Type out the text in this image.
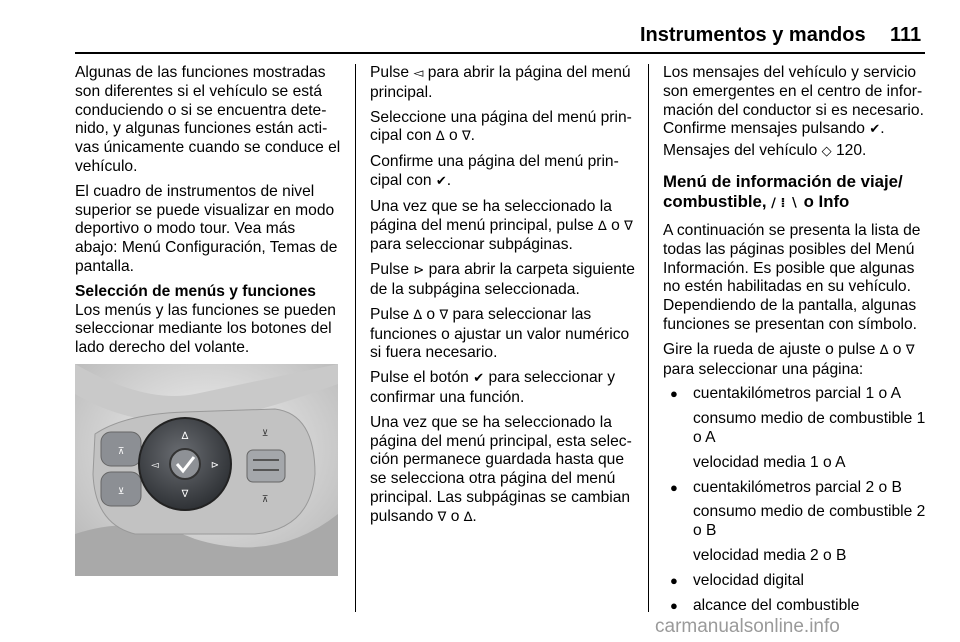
Instrumentos y mandos 111

Algunas de las funciones mostradas son diferentes si el vehículo se está conduciendo o si se encuentra detenido, y algunas funciones están activas únicamente cuando se conduce el vehículo.

El cuadro de instrumentos de nivel superior se puede visualizar en modo deportivo o modo tour. Vea más abajo: Menú Configuración, Temas de pantalla.

Selección de menús y funciones

Los menús y las funciones se pueden seleccionar mediante los botones del lado derecho del volante.

⊼
⊻
∆
∇
◅	⊳
⊻
⊼

Pulse ◅ para abrir la página del menú principal.

Seleccione una página del menú principal con ∆ o ∇.

Confirme una página del menú principal con ✔.

Una vez que se ha seleccionado la página del menú principal, pulse ∆ o ∇ para seleccionar subpáginas.

Pulse ⊳ para abrir la carpeta siguiente de la subpágina seleccionada.

Pulse ∆ o ∇ para seleccionar las funciones o ajustar un valor numérico si fuera necesario.

Pulse el botón ✔ para seleccionar y confirmar una función.

Una vez que se ha seleccionado la página del menú principal, esta selección permanece guardada hasta que se selecciona otra página del menú principal. Las subpáginas se cambian pulsando ∇ o ∆.

Los mensajes del vehículo y servicio son emergentes en el centro de información del conductor si es necesario. Confirme mensajes pulsando ✔.

Mensajes del vehículo ◇ 120.

Menú de información de viaje/
combustible, ∕ ⁞ ∖ o Info

A continuación se presenta la lista de todas las páginas posibles del Menú Información. Es posible que algunas no estén habilitadas en su vehículo. Dependiendo de la pantalla, algunas funciones se presentan con símbolo.

Gire la rueda de ajuste o pulse ∆ o ∇ para seleccionar una página:

● cuentakilómetros parcial 1 o A
consumo medio de combustible 1 o A
velocidad media 1 o A
● cuentakilómetros parcial 2 o B
consumo medio de combustible 2 o B
velocidad media 2 o B
● velocidad digital
● alcance del combustible
carmanualsonline.info
